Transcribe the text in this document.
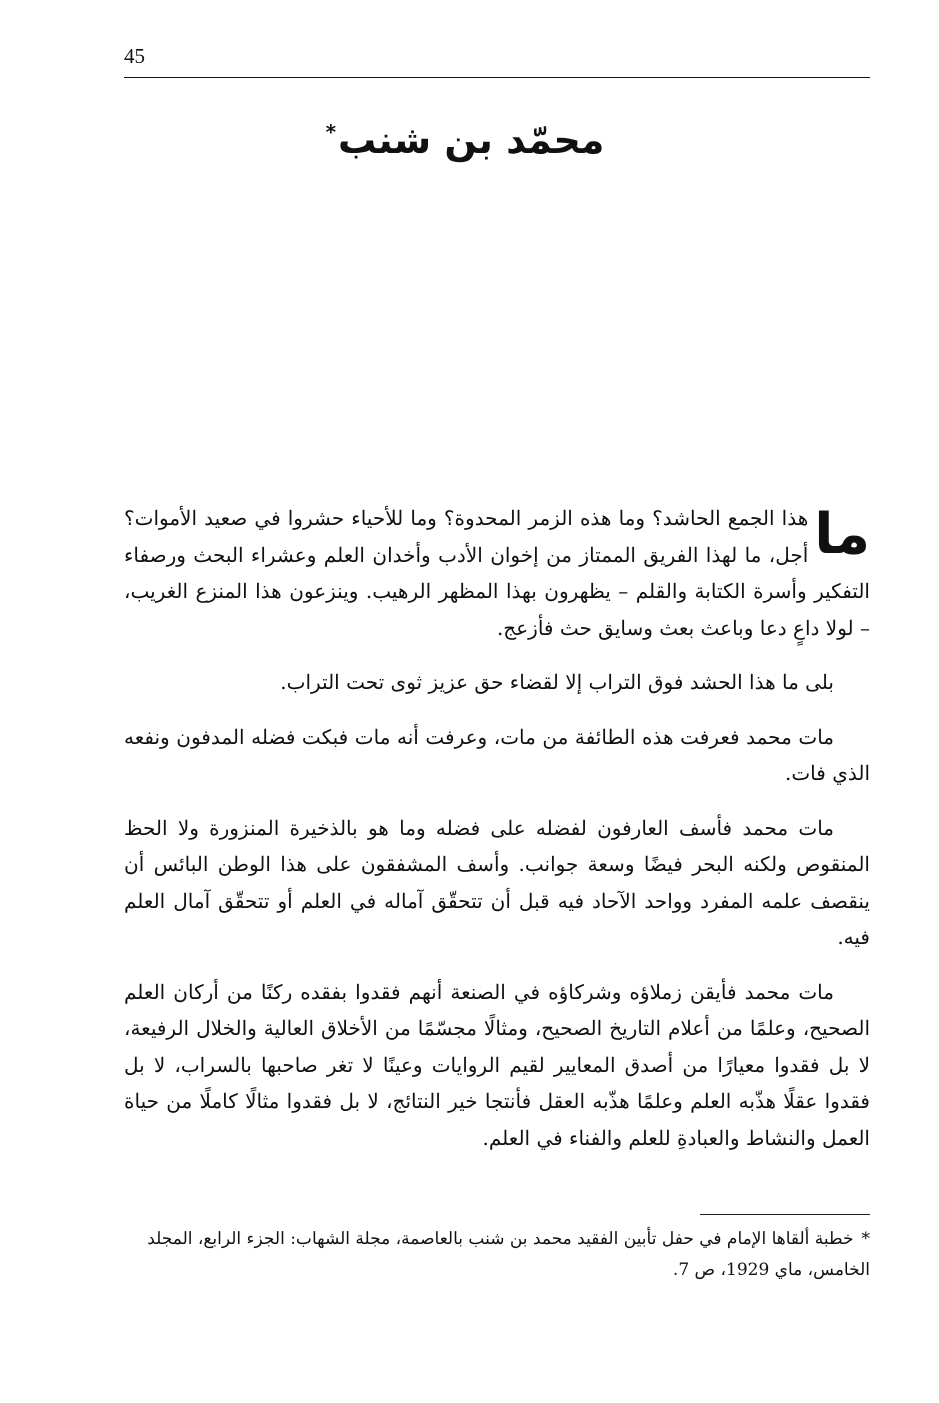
45
محمّد بن شنب*

ما
هذا الجمع الحاشد؟ وما هذه الزمر المحدوة؟ وما للأحياء حشروا في صعيد الأموات؟ أجل، ما لهذا الفريق الممتاز من إخوان الأدب وأخدان العلم وعشراء البحث ورصفاء التفكير وأسرة الكتابة والقلم – يظهرون بهذا المظهر الرهيب. وينزعون هذا المنزع الغريب، – لولا داعٍ دعا وباعث بعث وسايق حث فأزعج.

بلى ما هذا الحشد فوق التراب إلا لقضاء حق عزيز ثوى تحت التراب.

مات محمد فعرفت هذه الطائفة من مات، وعرفت أنه مات فبكت فضله المدفون ونفعه الذي فات.

مات محمد فأسف العارفون لفضله على فضله وما هو بالذخيرة المنزورة ولا الحظ المنقوص ولكنه البحر فيضًا وسعة جوانب. وأسف المشفقون على هذا الوطن البائس أن ينقصف علمه المفرد وواحد الآحاد فيه قبل أن تتحقّق آماله في العلم أو تتحقّق آمال العلم فيه.

مات محمد فأيقن زملاؤه وشركاؤه في الصنعة أنهم فقدوا بفقده ركنًا من أركان العلم الصحيح، وعلمًا من أعلام التاريخ الصحيح، ومثالًا مجسّمًا من الأخلاق العالية والخلال الرفيعة، لا بل فقدوا معيارًا من أصدق المعايير لقيم الروايات وعينًا لا تغر صاحبها بالسراب، لا بل فقدوا عقلًا هذّبه العلم وعلمًا هذّبه العقل فأنتجا خير النتائج، لا بل فقدوا مثالًا كاملًا من حياة العمل والنشاط والعبادةِ للعلم والفناء في العلم.

*خطبة ألقاها الإمام في حفل تأبين الفقيد محمد بن شنب بالعاصمة، مجلة الشهاب: الجزء الرابع، المجلد الخامس، ماي 1929، ص 7.
